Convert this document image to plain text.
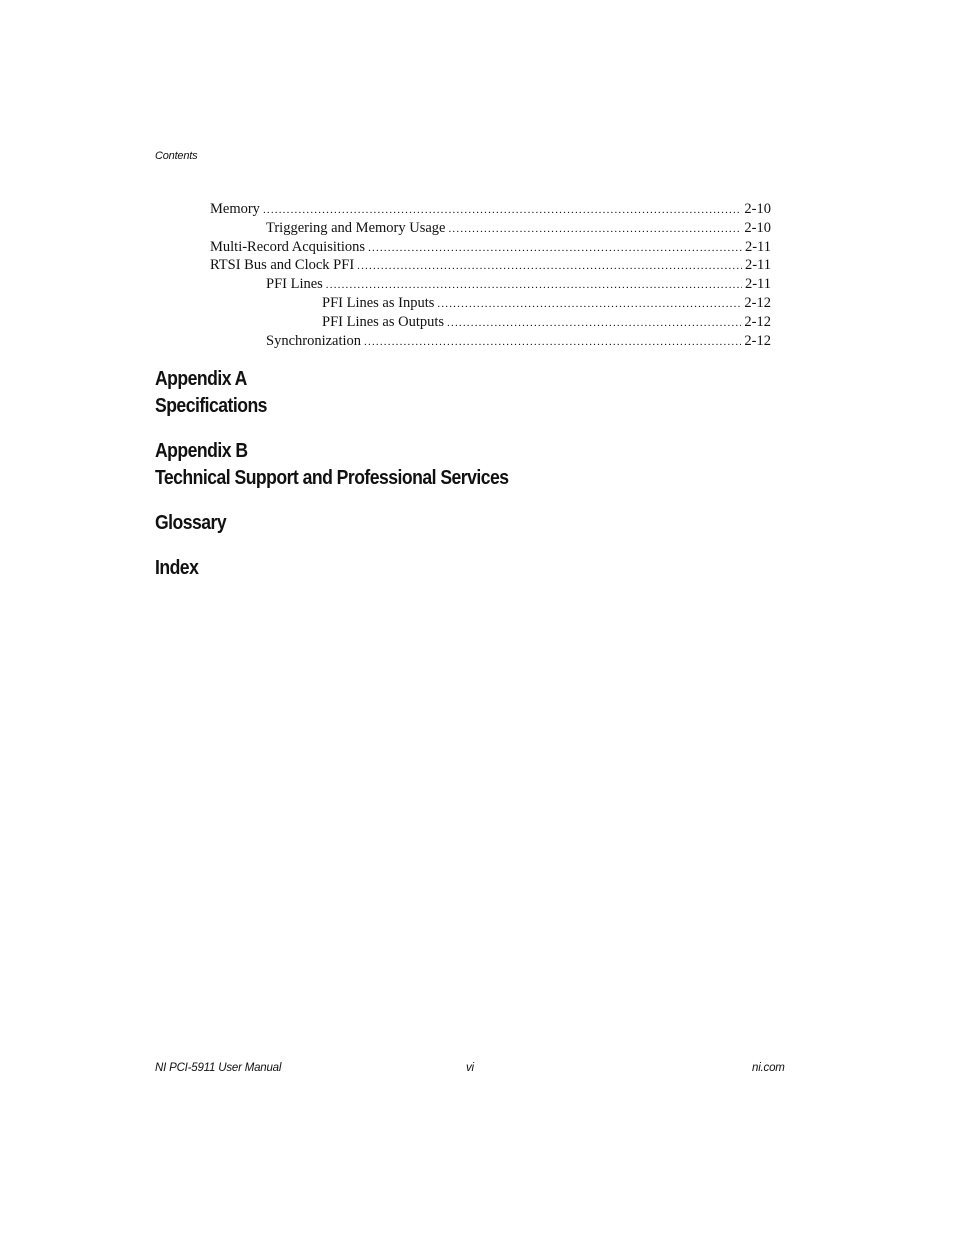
Contents

Memory .....	2-10
Triggering and Memory Usage .....	2-10
Multi-Record Acquisitions .....	2-11
RTSI Bus and Clock PFI .....	2-11
PFI Lines .....	2-11
PFI Lines as Inputs .....	2-12
PFI Lines as Outputs .....	2-12
Synchronization .....	2-12
Appendix A
Specifications
Appendix B
Technical Support and Professional Services
Glossary
Index

NI PCI-5911 User Manual	vi	ni.com
